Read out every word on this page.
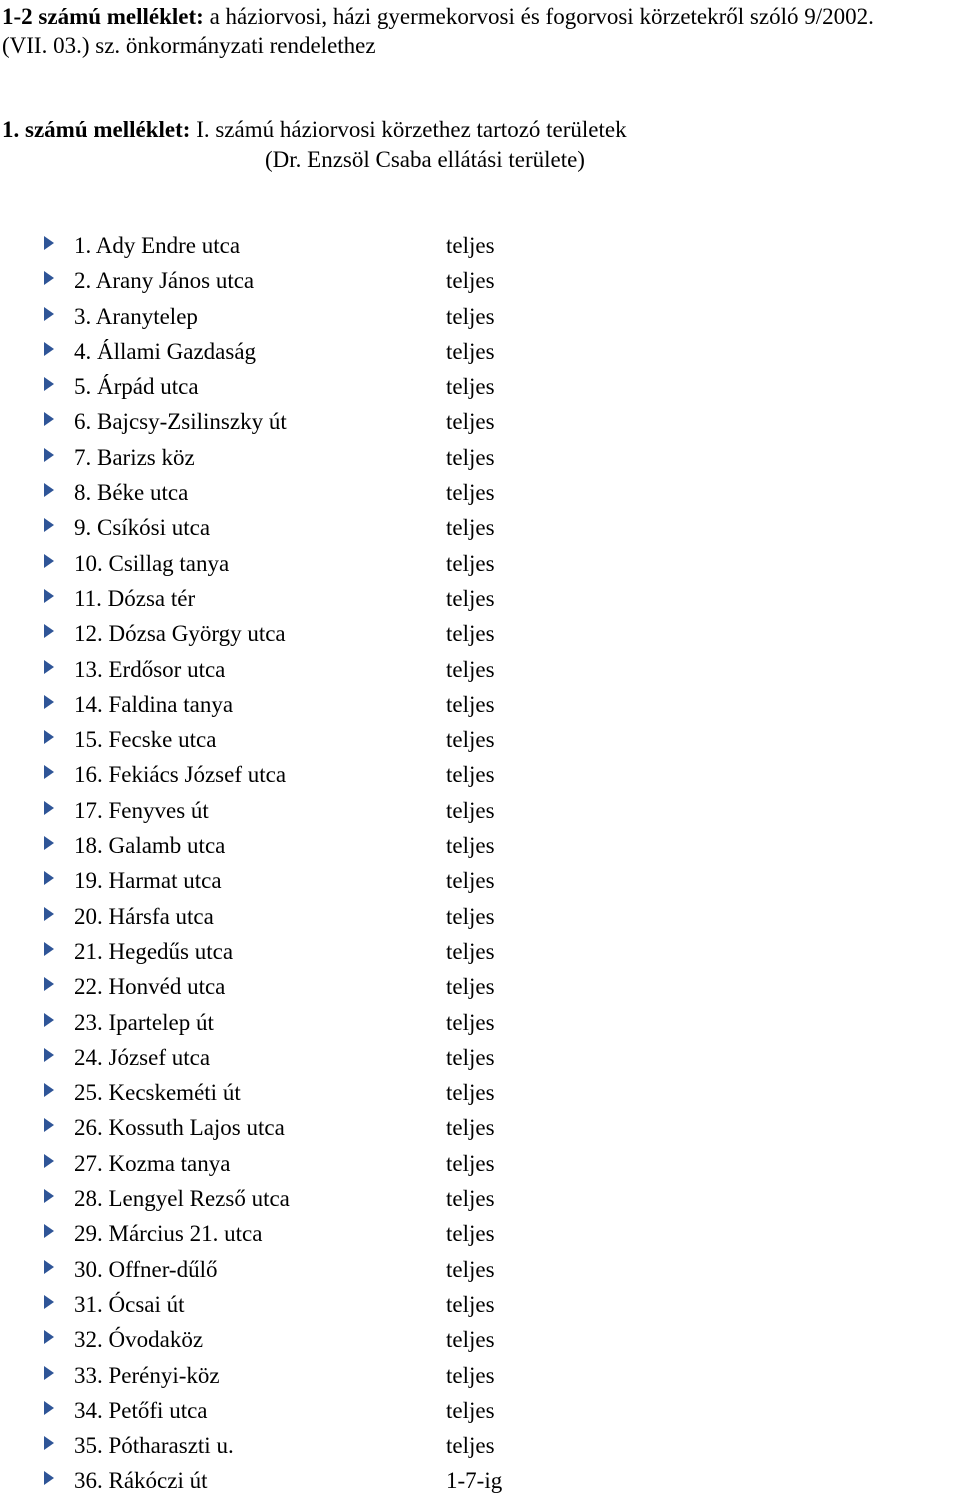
1-2 számú melléklet: a háziorvosi, házi gyermekorvosi és fogorvosi körzetekről szóló 9/2002.
(VII. 03.) sz. önkormányzati rendelethez
1. számú melléklet: I. számú háziorvosi körzethez tartozó területek
(Dr. Enzsöl Csaba ellátási területe)
1. Ady Endre utca	teljes
2. Arany János utca	teljes
3. Aranytelep	teljes
4. Állami Gazdaság	teljes
5. Árpád utca	teljes
6. Bajcsy-Zsilinszky út	teljes
7. Barizs köz	teljes
8. Béke utca	teljes
9. Csíkósi utca	teljes
10. Csillag tanya	teljes
11. Dózsa tér	teljes
12. Dózsa György utca	teljes
13. Erdősor utca	teljes
14. Faldina tanya	teljes
15. Fecske utca	teljes
16. Fekiács József utca	teljes
17. Fenyves út	teljes
18. Galamb utca	teljes
19. Harmat utca	teljes
20. Hársfa utca	teljes
21. Hegedűs utca	teljes
22. Honvéd utca	teljes
23. Ipartelep út	teljes
24. József utca	teljes
25. Kecskeméti út	teljes
26. Kossuth Lajos utca	teljes
27. Kozma tanya	teljes
28. Lengyel Rezső utca	teljes
29. Március 21. utca	teljes
30. Offner-dűlő	teljes
31. Ócsai út	teljes
32. Óvodaköz	teljes
33. Perényi-köz	teljes
34. Petőfi utca	teljes
35. Pótharaszti u.	teljes
36. Rákóczi út	1-7-ig
